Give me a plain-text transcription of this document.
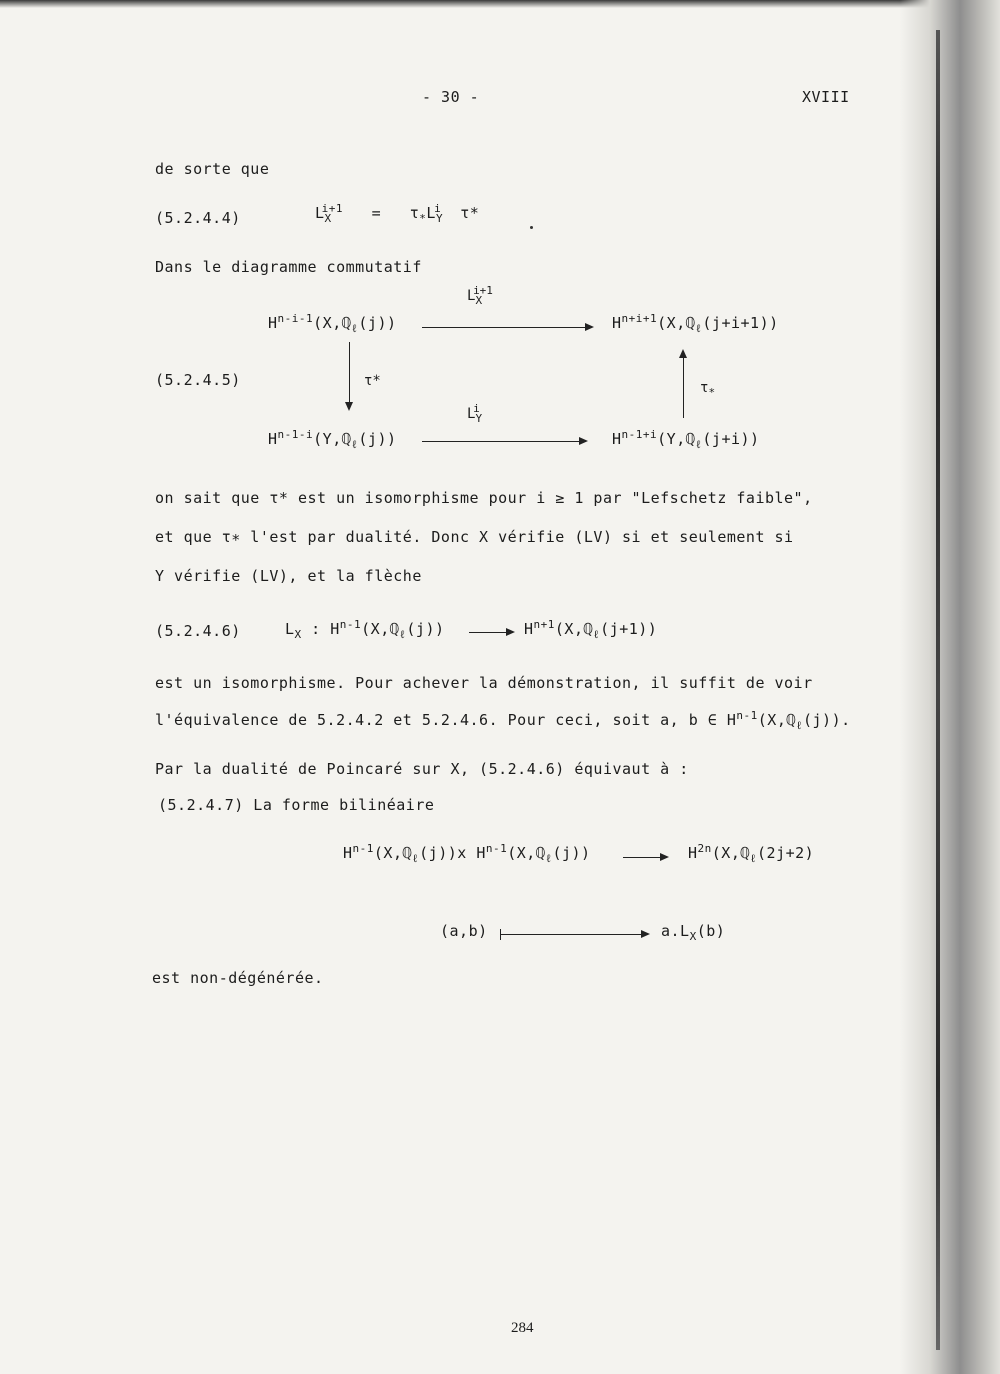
- 30 -	XVIII
de sorte que
(5.2.4.4)	$L_X^{i+1} = \tau_*L_Y^i$  τ*
Dans le diagramme commutatif
$H^{n-i-1}(X,ℚ_\ell(j))$
$L_X^{i+1}$
$H^{n+i+1}(X,ℚ_\ell(j+i+1))$
(5.2.4.5)	τ*	$\tau_*$
$H^{n-1-i}(Y,ℚ_\ell(j))$
$L_Y^i$
$H^{n-1+i}(Y,ℚ_\ell(j+i))$
on sait que τ* est un isomorphisme pour i ≥ 1 par "Lefschetz faible",
et que τ∗ l'est par dualité. Donc X vérifie (LV) si et seulement si
Y vérifie (LV), et la flèche
(5.2.4.6)	$L_X$ : $H^{n-1}(X,ℚ_\ell(j))$	$H^{n+1}(X,ℚ_\ell(j+1))$
est un isomorphisme. Pour achever la démonstration, il suffit de voir
l'équivalence de 5.2.4.2 et 5.2.4.6. Pour ceci, soit a, b ∈ $H^{n-1}(X,ℚ_\ell(j))$.
Par la dualité de Poincaré sur X, (5.2.4.6) équivaut à :
(5.2.4.7) La forme bilinéaire
$H^{n-1}(X,ℚ_\ell(j))x$ $H^{n-1}(X,ℚ_\ell(j))$	$H^{2n}(X,ℚ_\ell(2j+2)$
(a,b)	$a.L_X(b)$
est non-dégénérée.
284
